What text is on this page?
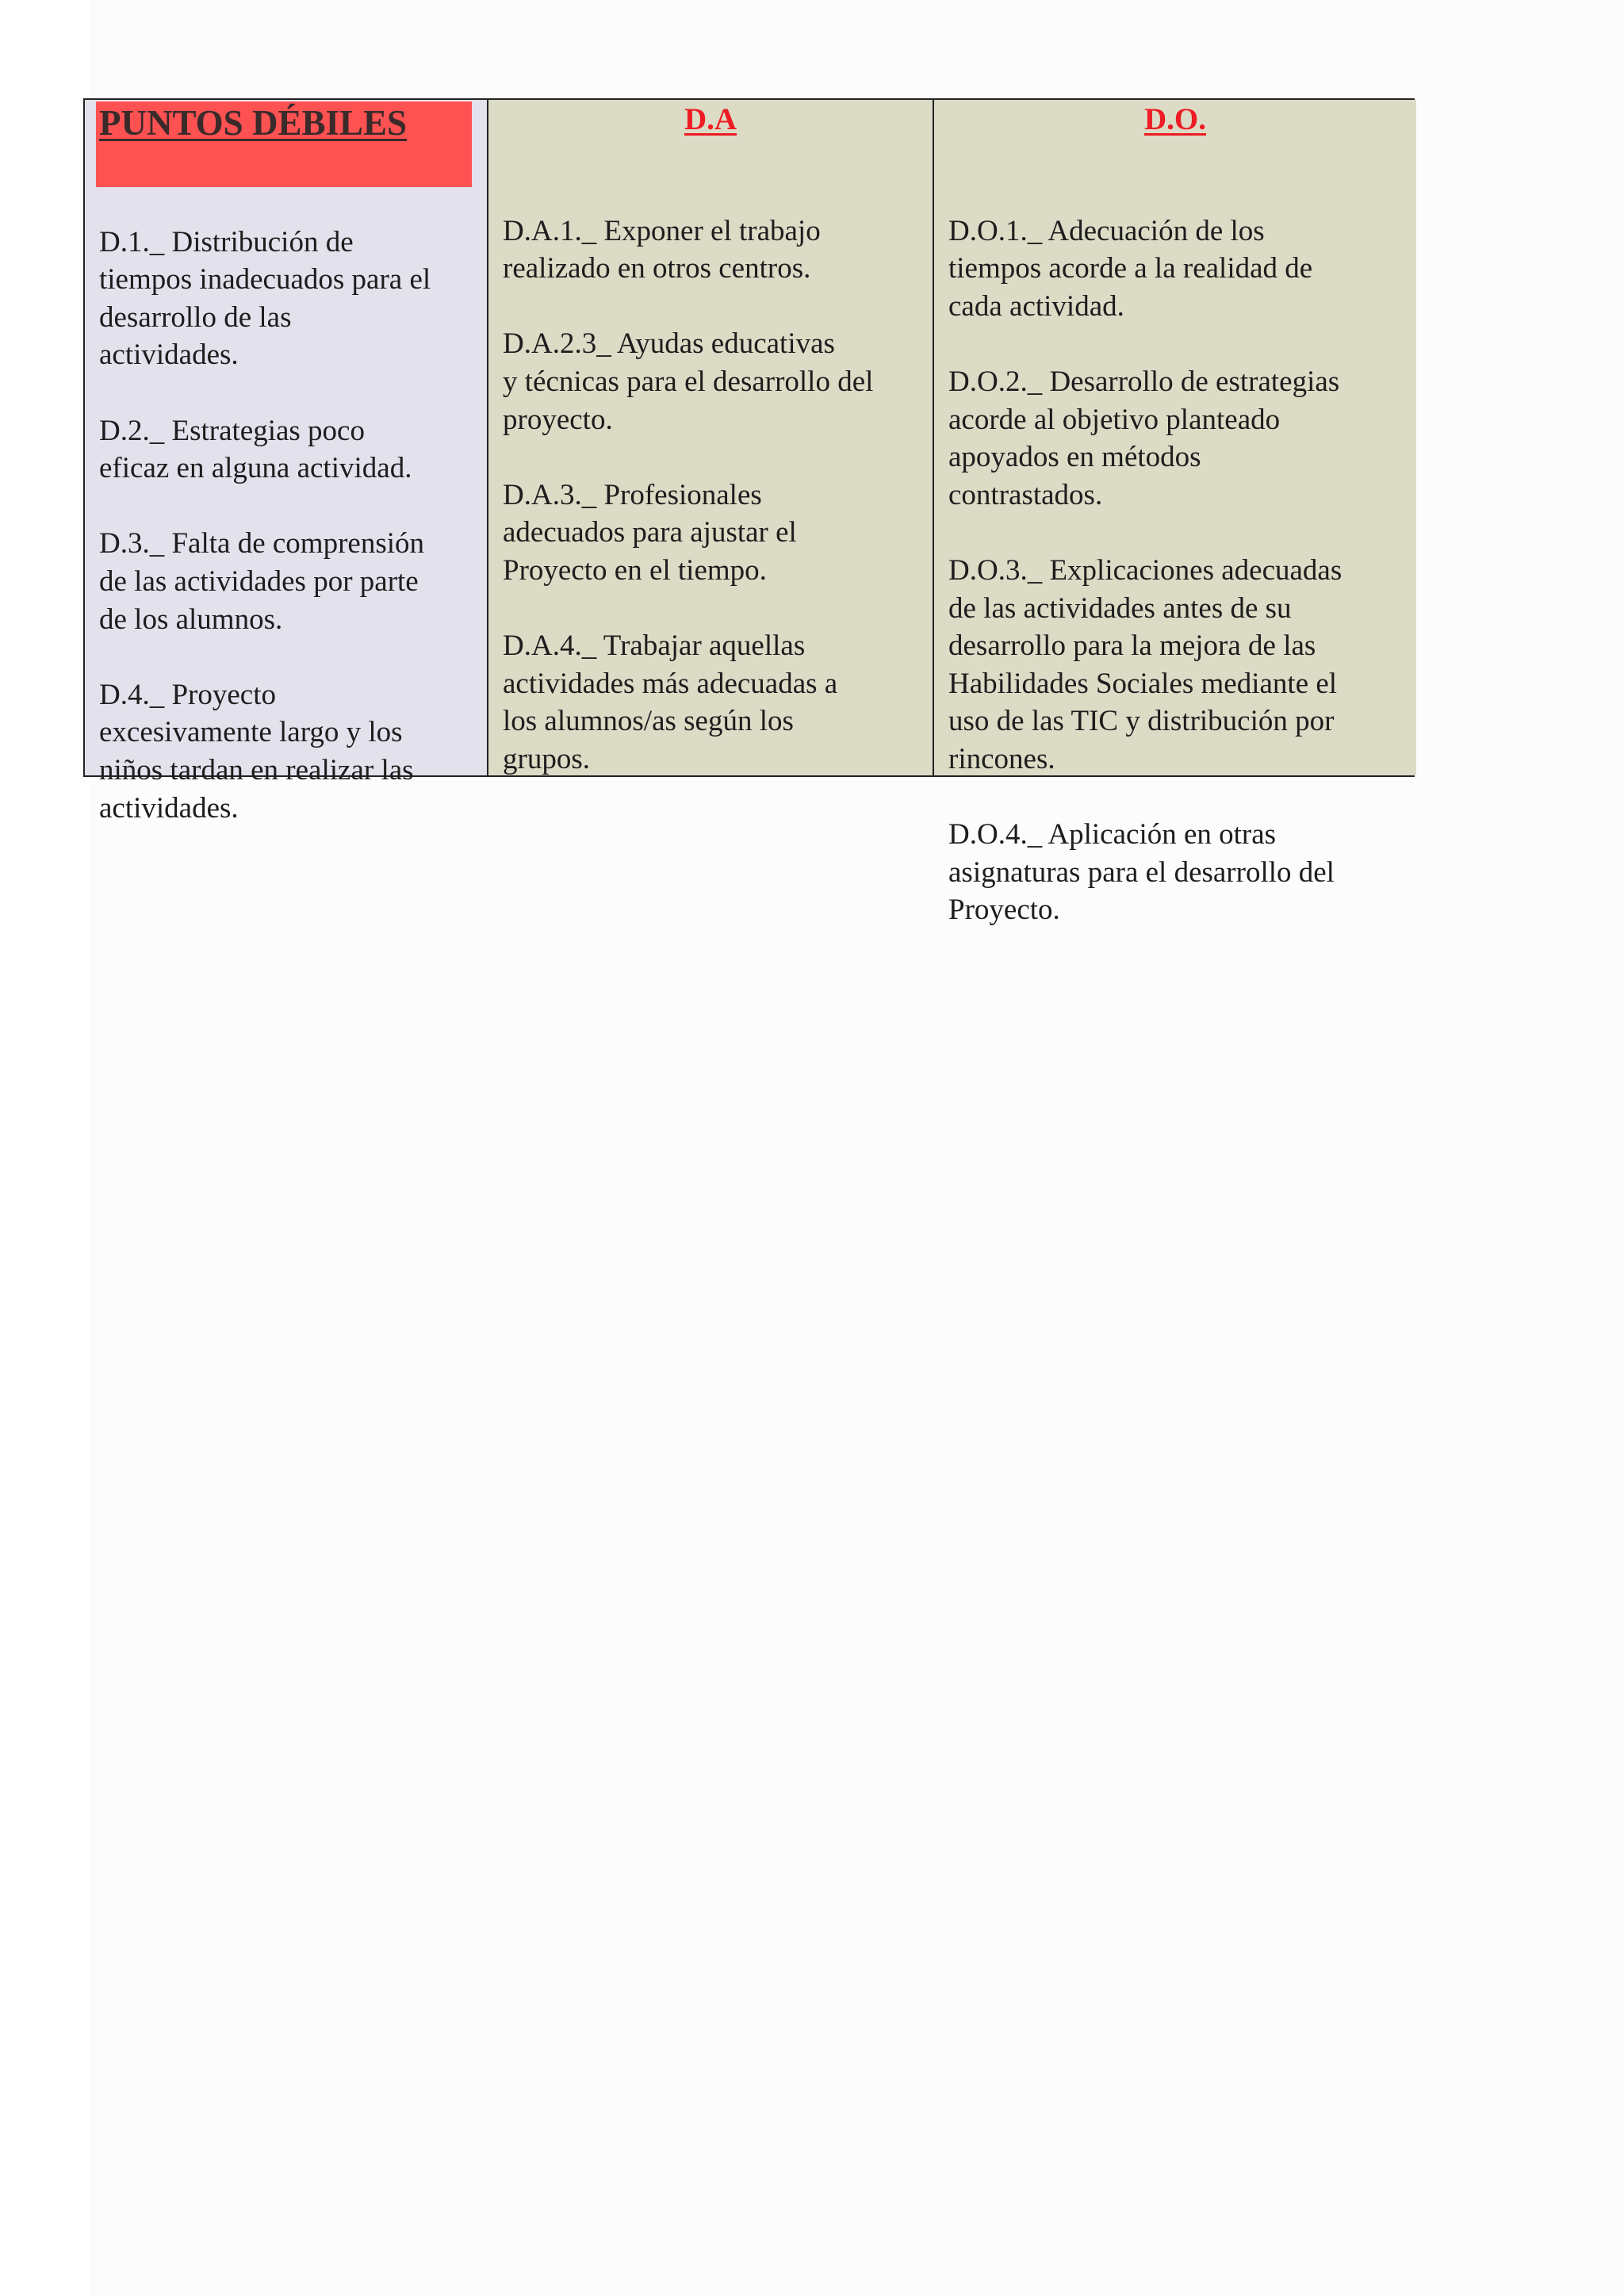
PUNTOS DÉBILES

D.1._ Distribución de
tiempos inadecuados para el
desarrollo de las
actividades.

D.2._ Estrategias poco
eficaz en alguna actividad.

D.3._ Falta de comprensión
de las actividades por parte
de los alumnos.

D.4._ Proyecto
excesivamente largo y los
niños tardan en realizar las
actividades.

D.A

D.A.1._ Exponer el trabajo
realizado en otros centros.

D.A.2.3_ Ayudas educativas
y técnicas para el desarrollo del
proyecto.

D.A.3._ Profesionales
adecuados para ajustar el
Proyecto en el tiempo.

D.A.4._ Trabajar aquellas
actividades más adecuadas a
los alumnos/as según los
grupos.

D.O.

D.O.1._ Adecuación de los
tiempos acorde a la realidad de
cada actividad.

D.O.2._ Desarrollo de estrategias
acorde al objetivo planteado
apoyados en métodos
contrastados.

D.O.3._ Explicaciones adecuadas
de las actividades antes de su
desarrollo para la mejora de las
Habilidades Sociales mediante el
uso de las TIC y distribución por
rincones.

D.O.4._ Aplicación en otras
asignaturas para el desarrollo del
Proyecto.
